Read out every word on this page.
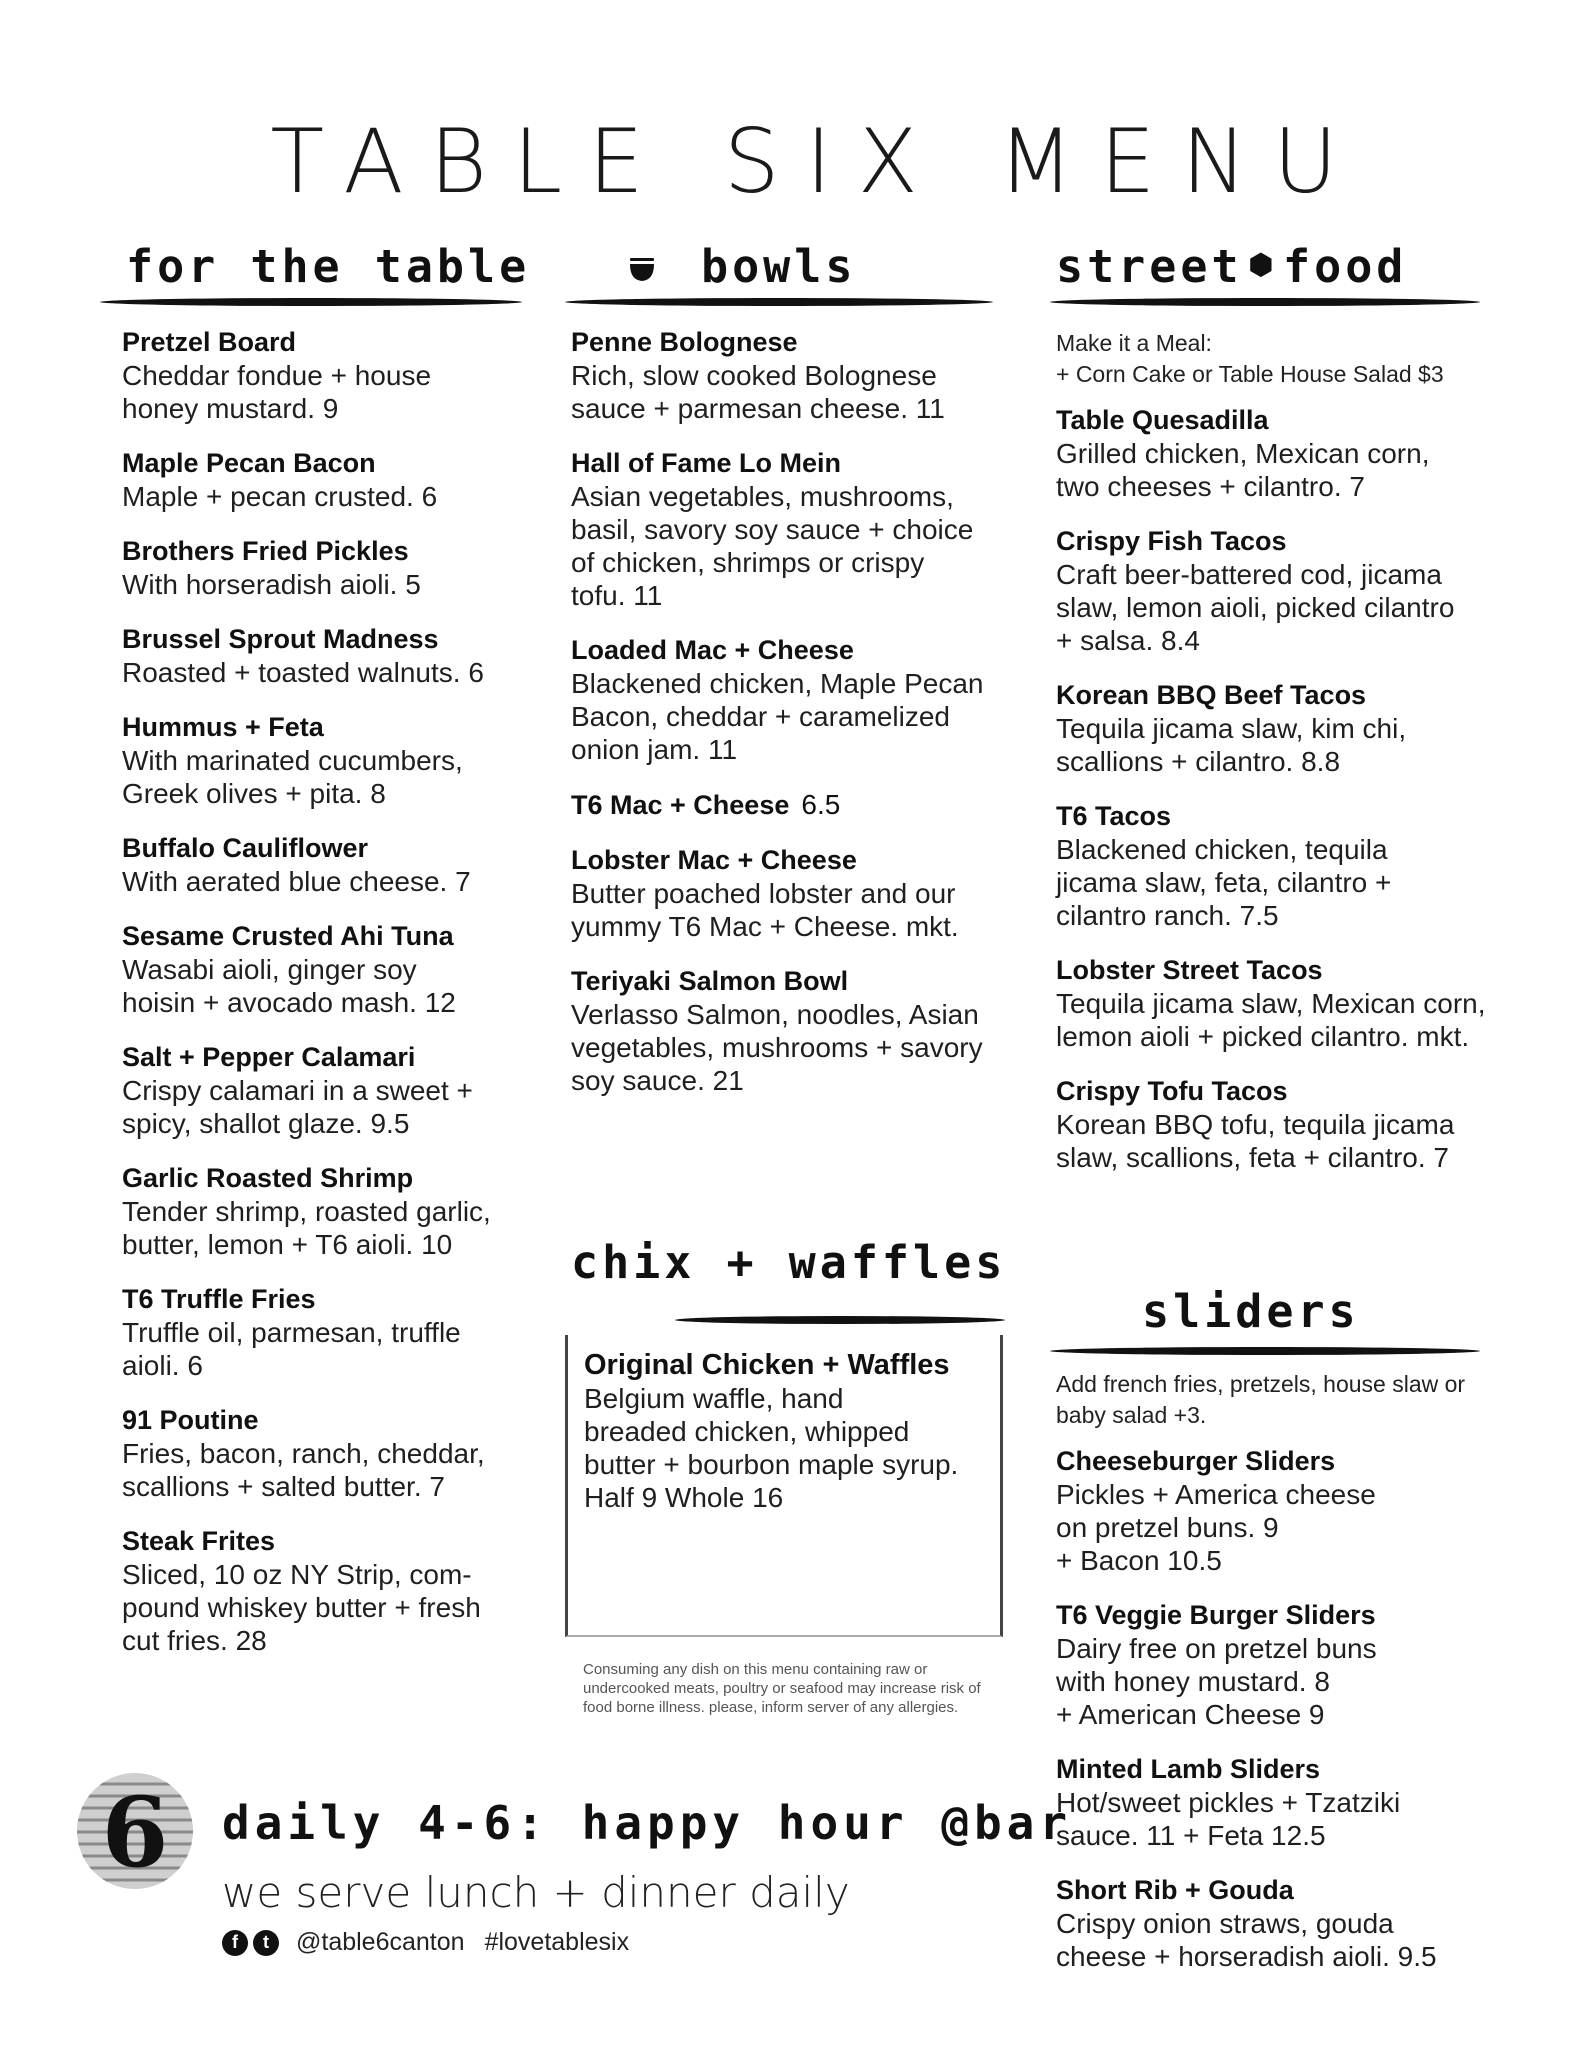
TABLE SIX MENU
for the table
Pretzel Board
Cheddar fondue + house
honey mustard. 9
Maple Pecan Bacon
Maple + pecan crusted. 6
Brothers Fried Pickles
With horseradish aioli. 5
Brussel Sprout Madness
Roasted + toasted walnuts. 6
Hummus + Feta
With marinated cucumbers,
Greek olives + pita. 8
Buffalo Cauliflower
With aerated blue cheese. 7
Sesame Crusted Ahi Tuna
Wasabi aioli, ginger soy
hoisin + avocado mash. 12
Salt + Pepper Calamari
Crispy calamari in a sweet +
spicy, shallot glaze. 9.5
Garlic Roasted Shrimp
Tender shrimp, roasted garlic,
butter, lemon + T6 aioli. 10
T6 Truffle Fries
Truffle oil, parmesan, truffle
aioli. 6
91 Poutine
Fries, bacon, ranch, cheddar,
scallions + salted butter. 7
Steak Frites
Sliced, 10 oz NY Strip, com-
pound whiskey butter + fresh
cut fries. 28
bowls
Penne Bolognese
Rich, slow cooked Bolognese
sauce + parmesan cheese. 11
Hall of Fame Lo Mein
Asian vegetables, mushrooms,
basil, savory soy sauce + choice
of chicken, shrimps or crispy
tofu. 11
Loaded Mac + Cheese
Blackened chicken, Maple Pecan
Bacon, cheddar + caramelized
onion jam. 11
T6 Mac + Cheese 6.5
Lobster Mac + Cheese
Butter poached lobster and our
yummy T6 Mac + Cheese. mkt.
Teriyaki Salmon Bowl
Verlasso Salmon, noodles, Asian
vegetables, mushrooms + savory
soy sauce. 21
street ⬢ food
Make it a Meal:
+ Corn Cake or Table House Salad $3
Table Quesadilla
Grilled chicken, Mexican corn,
two cheeses + cilantro. 7
Crispy Fish Tacos
Craft beer-battered cod, jicama
slaw, lemon aioli, picked cilantro
+ salsa. 8.4
Korean BBQ Beef Tacos
Tequila jicama slaw, kim chi,
scallions + cilantro. 8.8
T6 Tacos
Blackened chicken, tequila
jicama slaw, feta, cilantro +
cilantro ranch. 7.5
Lobster Street Tacos
Tequila jicama slaw, Mexican corn,
lemon aioli + picked cilantro. mkt.
Crispy Tofu Tacos
Korean BBQ tofu, tequila jicama
slaw, scallions, feta + cilantro. 7
chix + waffles
Original Chicken + Waffles
Belgium waffle, hand
breaded chicken, whipped
butter + bourbon maple syrup.
Half 9 Whole 16
Consuming any dish on this menu containing raw or undercooked meats, poultry or seafood may increase risk of food borne illness. please, inform server of any allergies.
sliders
Add french fries, pretzels, house slaw or
baby salad +3.
Cheeseburger Sliders
Pickles + America cheese
on pretzel buns. 9
+ Bacon 10.5
T6 Veggie Burger Sliders
Dairy free on pretzel buns
with honey mustard. 8
+ American Cheese 9
Minted Lamb Sliders
Hot/sweet pickles + Tzatziki
sauce. 11 + Feta 12.5
Short Rib + Gouda
Crispy onion straws, gouda
cheese + horseradish aioli. 9.5
6 daily 4-6: happy hour @bar
we serve lunch + dinner daily
f	t	@table6canton #lovetablesix
